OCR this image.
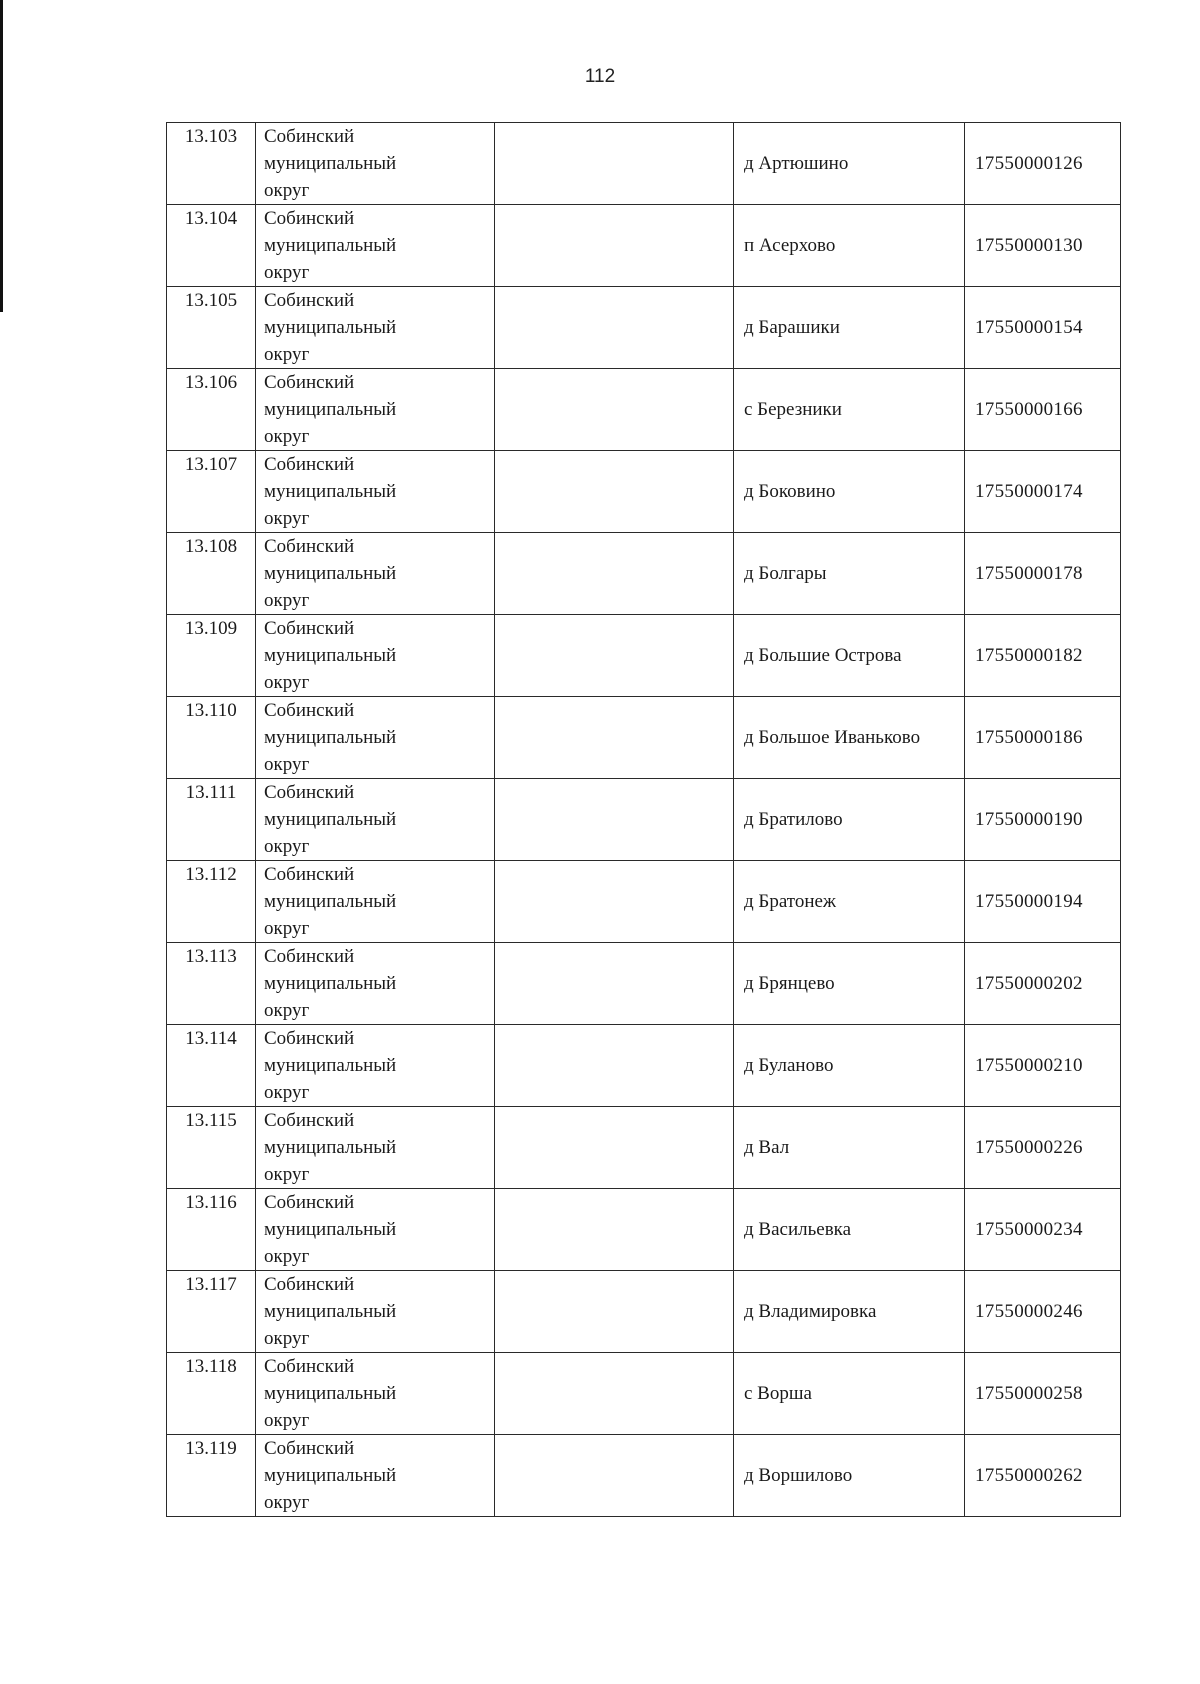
112
13.103	Собинский
муниципальный
округ		д Артюшино	17550000126
13.104	Собинский
муниципальный
округ		п Асерхово	17550000130
13.105	Собинский
муниципальный
округ		д Барашики	17550000154
13.106	Собинский
муниципальный
округ		с Березники	17550000166
13.107	Собинский
муниципальный
округ		д Боковино	17550000174
13.108	Собинский
муниципальный
округ		д Болгары	17550000178
13.109	Собинский
муниципальный
округ		д Большие Острова	17550000182
13.110	Собинский
муниципальный
округ		д Большое Иваньково	17550000186
13.111	Собинский
муниципальный
округ		д Братилово	17550000190
13.112	Собинский
муниципальный
округ		д Братонеж	17550000194
13.113	Собинский
муниципальный
округ		д Брянцево	17550000202
13.114	Собинский
муниципальный
округ		д Буланово	17550000210
13.115	Собинский
муниципальный
округ		д Вал	17550000226
13.116	Собинский
муниципальный
округ		д Васильевка	17550000234
13.117	Собинский
муниципальный
округ		д Владимировка	17550000246
13.118	Собинский
муниципальный
округ		с Ворша	17550000258
13.119	Собинский
муниципальный
округ		д Воршилово	17550000262
